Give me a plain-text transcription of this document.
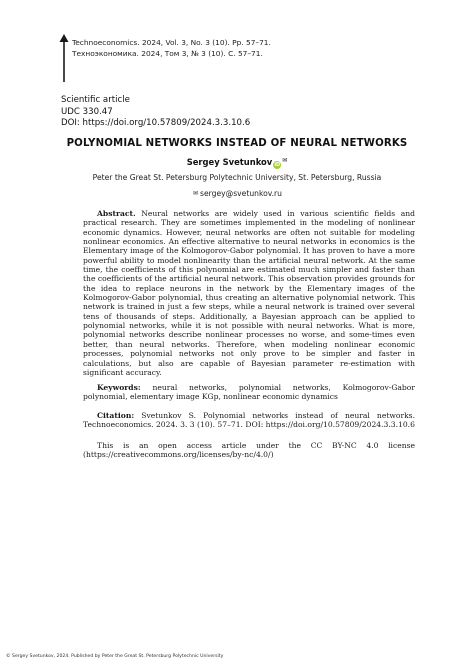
Technoeconomics. 2024, Vol. 3, No. 3 (10). Pp. 57–71.
Техноэкономика. 2024, Том 3, № 3 (10). С. 57–71.
Scientific article
UDC 330.47
DOI: https://doi.org/10.57809/2024.3.3.10.6
POLYNOMIAL NETWORKS INSTEAD OF NEURAL NETWORKS
Sergey Svetunkov iD✉
Peter the Great St. Petersburg Polytechnic University, St. Petersburg, Russia
✉ sergey@svetunkov.ru

Abstract. Neural networks are widely used in various scientific fields and practical research. They are sometimes implemented in the modeling of nonlinear economic dynamics. However, neural networks are often not suitable for modeling nonlinear economics. An effective alternative to neural networks in economics is the Elementary image of the Kolmogorov-Gabor polynomial. It has proven to have a more powerful ability to model nonlinearity than the artificial neural network. At the same time, the coefficients of this polynomial are estimated much simpler and faster than the coefficients of the artificial neural network. This observation provides grounds for the idea to replace neurons in the network by the Elementary images of the Kolmogorov-Gabor polynomial, thus creating an alternative polynomial network. This network is trained in just a few steps, while a neural network is trained over several tens of thousands of steps. Additionally, a Bayesian approach can be applied to polynomial networks, while it is not possible with neural networks. What is more, polynomial networks describe nonlinear processes no worse, and some-times even better, than neural networks. Therefore, when modeling nonlinear economic processes, polynomial networks not only prove to be simpler and faster in calculations, but also are capable of Bayesian parameter re-estimation with significant accuracy.

Keywords: neural networks, polynomial networks, Kolmogorov-Gabor polynomial, elementary image KGp, nonlinear economic dynamics

Citation: Svetunkov S. Polynomial networks instead of neural networks. Technoeconomics. 2024. 3. 3 (10). 57–71. DOI: https://doi.org/10.57809/2024.3.3.10.6

This is an open access article under the CC BY-NC 4.0 license (https://creativecommons.org/licenses/by-nc/4.0/)

© Sergey Svetunkov, 2024. Published by Peter the Great St. Petersburg Polytechnic University
